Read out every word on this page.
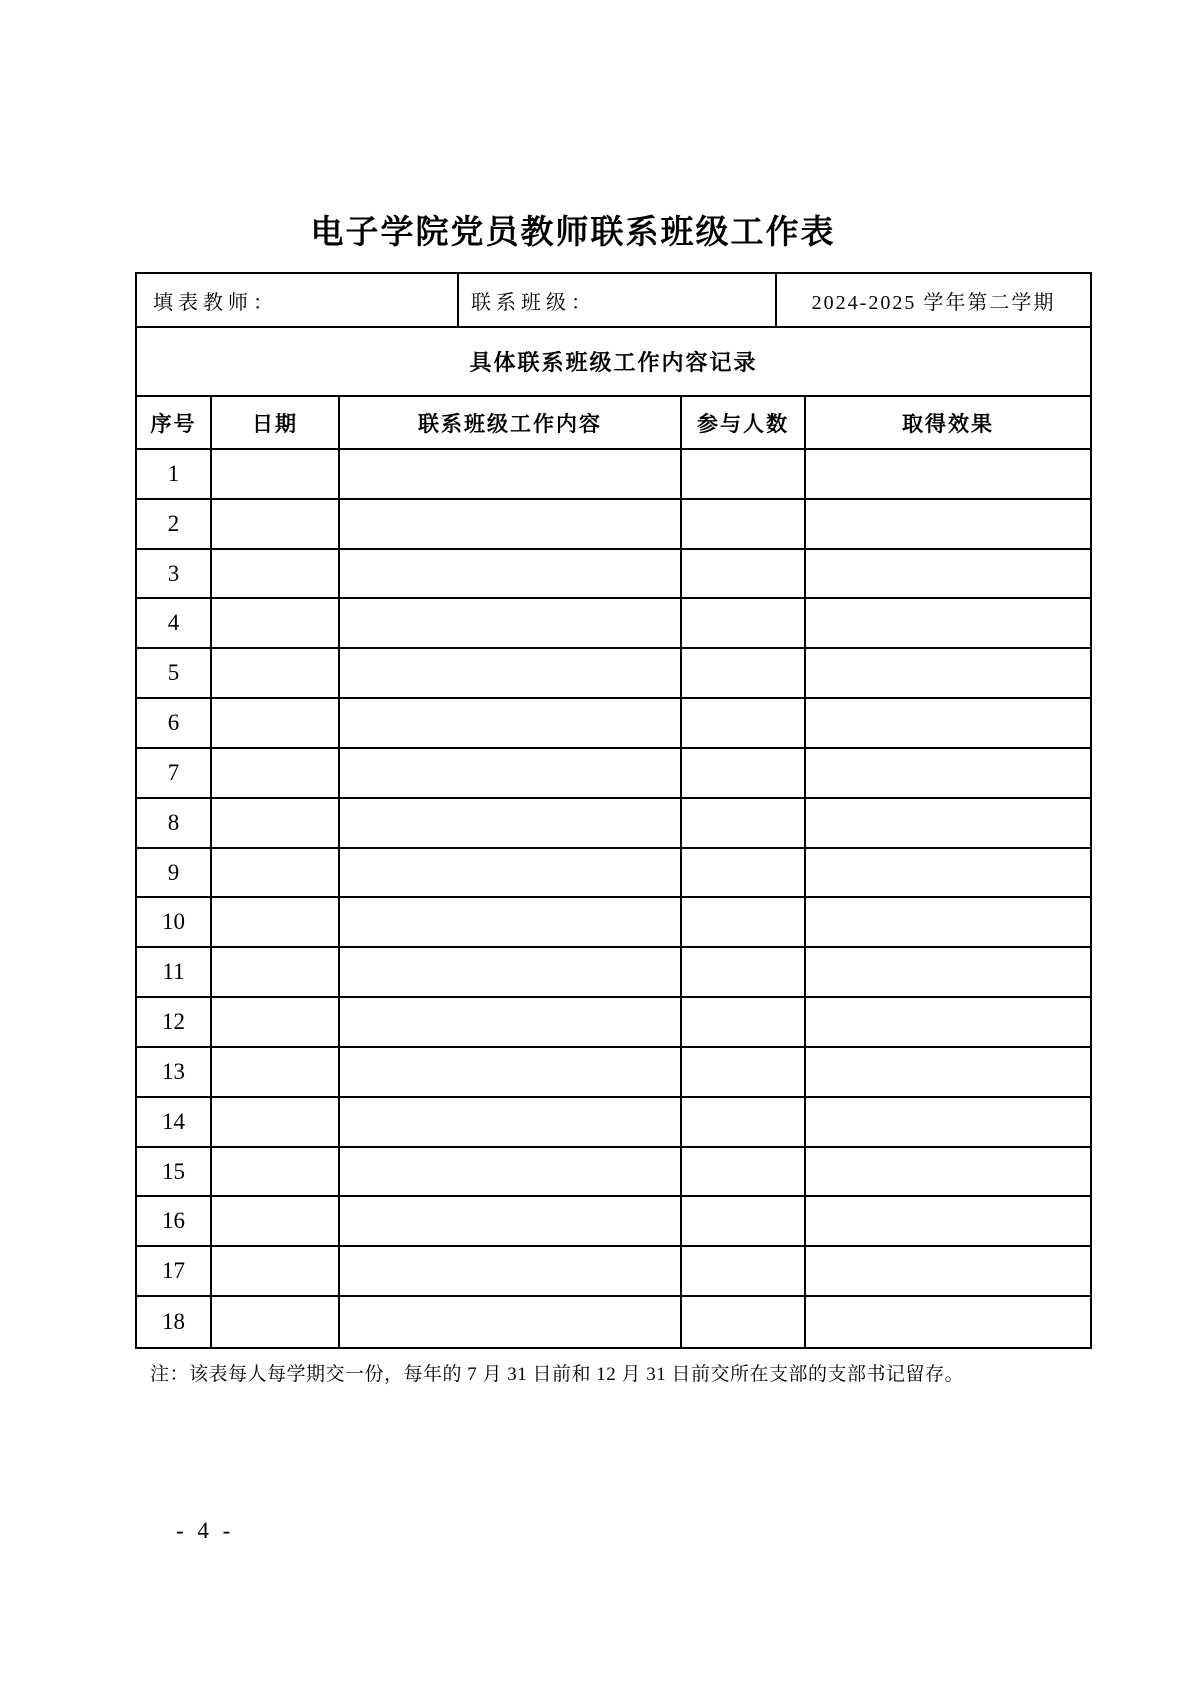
电子学院党员教师联系班级工作表
填表教师：	联系班级：	2024-2025 学年第二学期
具体联系班级工作内容记录
序号	日期	联系班级工作内容	参与人数	取得效果
1
2
3
4
5
6
7
8
9
10
11
12
13
14
15
16
17
18
注：该表每人每学期交一份，每年的 7 月 31 日前和 12 月 31 日前交所在支部的支部书记留存。
- 4 -
